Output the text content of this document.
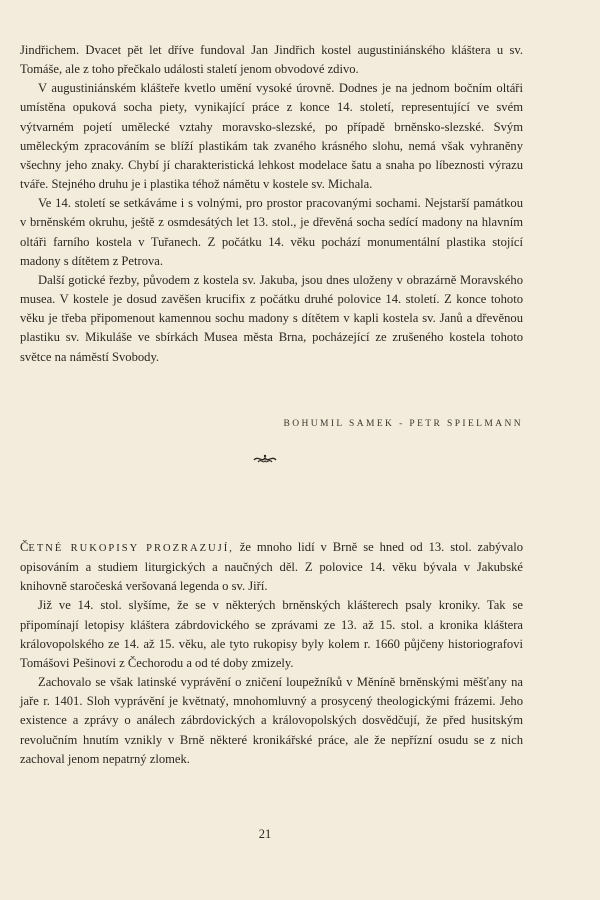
Jindřichem. Dvacet pět let dříve fundoval Jan Jindřich kostel augustiniánského kláštera u sv. Tomáše, ale z toho přečkalo události staletí jenom obvodové zdivo.

V augustiniánském klášteře kvetlo umění vysoké úrovně. Dodnes je na jednom bočním oltáři umístěna opuková socha piety, vynikající práce z konce 14. století, representující ve svém výtvarném pojetí umělecké vztahy moravsko-slezské, po případě brněnsko-slezské. Svým uměleckým zpracováním se blíží plastikám tak zvaného krásného slohu, nemá však vyhraněny všechny jeho znaky. Chybí jí charakteristická lehkost modelace šatu a snaha po líbeznosti výrazu tváře. Stejného druhu je i plastika téhož námětu v kostele sv. Michala.

Ve 14. století se setkáváme i s volnými, pro prostor pracovanými sochami. Nejstarší památkou v brněnském okruhu, ještě z osmdesátých let 13. stol., je dřevěná socha sedící madony na hlavním oltáři farního kostela v Tuřanech. Z počátku 14. věku pochází monumentální plastika stojící madony s dítětem z Petrova.

Další gotické řezby, původem z kostela sv. Jakuba, jsou dnes uloženy v obrazárně Moravského musea. V kostele je dosud zavěšen krucifix z počátku druhé polovice 14. století. Z konce tohoto věku je třeba připomenout kamennou sochu madony s dítětem v kapli kostela sv. Janů a dřevěnou plastiku sv. Mikuláše ve sbírkách Musea města Brna, pocházející ze zrušeného kostela tohoto světce na náměstí Svobody.

BOHUMIL SAMEK - PETR SPIELMANN

ČETNÉ RUKOPISY PROZRAZUJÍ, že mnoho lidí v Brně se hned od 13. stol. zabývalo opisováním a studiem liturgických a naučných děl. Z polovice 14. věku bývala v Jakubské knihovně staročeská veršovaná legenda o sv. Jiří.

Již ve 14. stol. slyšíme, že se v některých brněnských klášterech psaly kroniky. Tak se připomínají letopisy kláštera zábrdovického se zprávami ze 13. až 15. stol. a kronika kláštera královopolského ze 14. až 15. věku, ale tyto rukopisy byly kolem r. 1660 půjčeny historiografovi Tomášovi Pešinovi z Čechorodu a od té doby zmizely.

Zachovalo se však latinské vyprávění o zničení loupežníků v Měníně brněnskými měšťany na jaře r. 1401. Sloh vyprávění je květnatý, mnohomluvný a prosycený theologickými frázemi. Jeho existence a zprávy o análech zábrdovických a královopolských dosvědčují, že před husitským revolučním hnutím vznikly v Brně některé kronikářské práce, ale že nepřízní osudu se z nich zachoval jenom nepatrný zlomek.

21
